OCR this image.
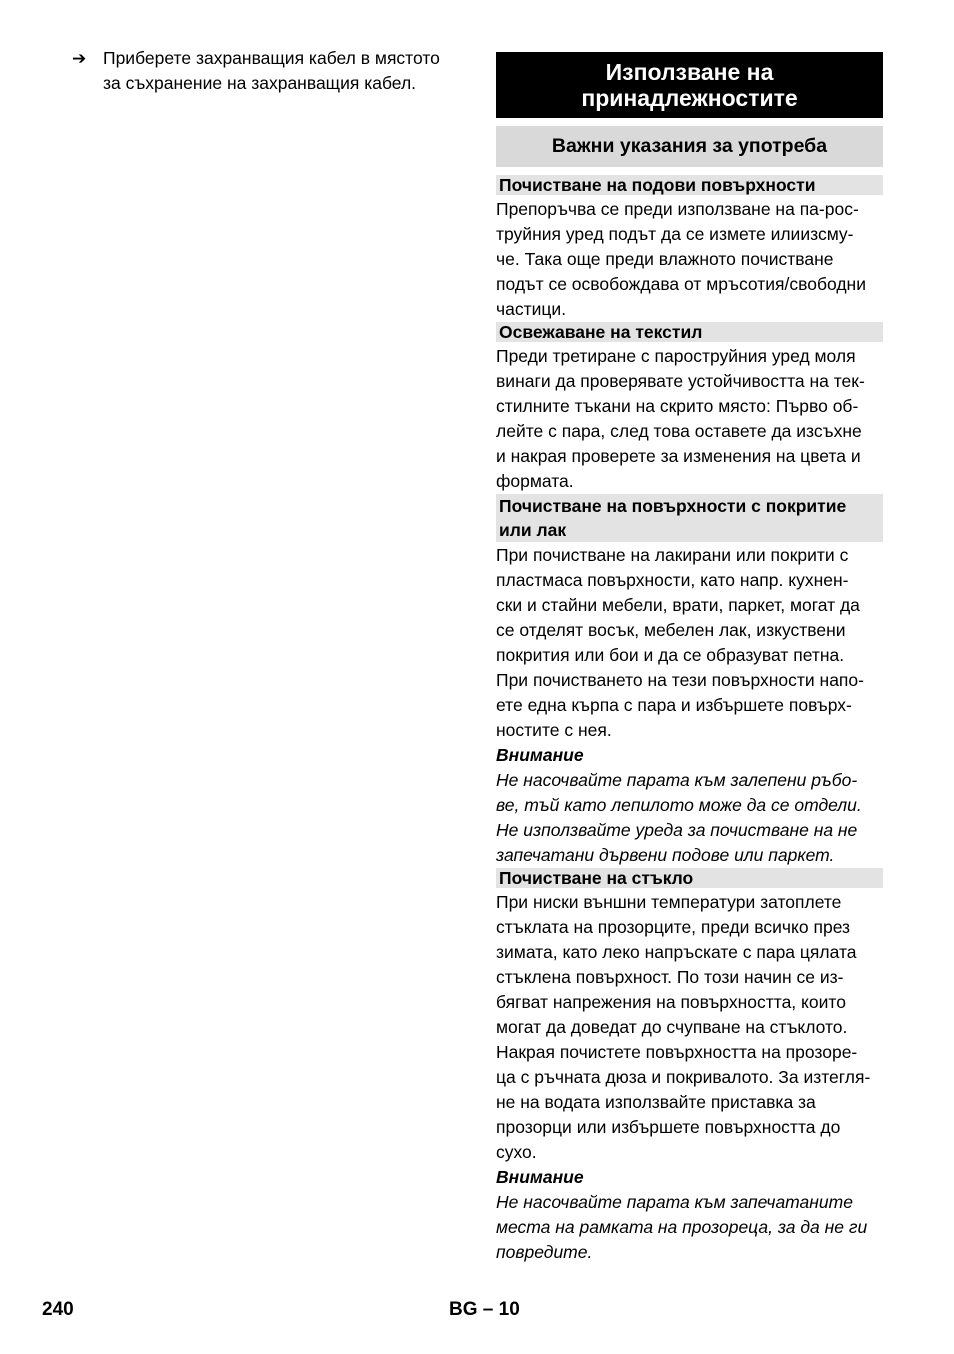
➔ Приберете захранващия кабел в мястото
за съхранение на захранващия кабел.	Използване на
принадлежностите
Важни указания за употреба
Почистване на подови повърхности
Препоръчва се преди използване на па-рос-
труйния уред подът да се измете илиизсму-
че. Така още преди влажното почистване
подът се освобождава от мръсотия/свободни
частици.
Освежаване на текстил
Преди третиране с пароструйния уред моля
винаги да проверявате устойчивостта на тек-
стилните тъкани на скрито място: Първо об-
лейте с пара, след това оставете да изсъхне
и накрая проверете за изменения на цвета и
формата.
Почистване на повърхности с покритие
или лак
При почистване на лакирани или покрити с
пластмаса повърхности, като напр. кухнен-
ски и стайни мебели, врати, паркет, могат да
се отделят восък, мебелен лак, изкуствени
покрития или бои и да се образуват петна.
При почистването на тези повърхности напо-
ете една кърпа с пара и избършете повърх-
ностите с нея.
Внимание
Не насочвайте парата към залепени ръбо-
ве, тъй като лепилото може да се отдели.
Не използвайте уреда за почистване на не
запечатани дървени подове или паркет.
Почистване на стъкло
При ниски външни температури затоплете
стъклата на прозорците, преди всичко през
зимата, като леко напръскате с пара цялата
стъклена повърхност. По този начин се из-
бягват напрежения на повърхността, които
могат да доведат до счупване на стъклото.
Накрая почистете повърхността на прозоре-
ца с ръчната дюза и покривалото. За изтегля-
не на водата използвайте приставка за
прозорци или избършете повърхността до
сухо.
Внимание
Не насочвайте парата към запечатаните
места на рамката на прозореца, за да не ги
повредите.
240	BG – 10
